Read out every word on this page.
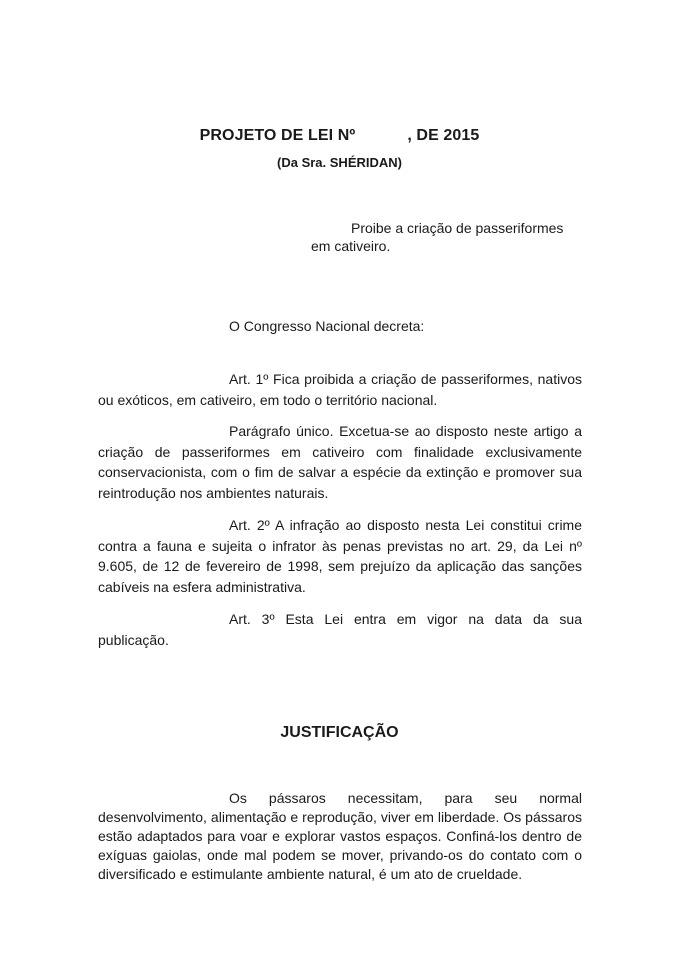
PROJETO DE LEI Nº	, DE 2015
(Da Sra. SHÉRIDAN)
Proibe a criação de passeriformes em cativeiro.
O Congresso Nacional decreta:

Art. 1º Fica proibida a criação de passeriformes, nativos ou exóticos, em cativeiro, em todo o território nacional.

Parágrafo único. Excetua-se ao disposto neste artigo a criação de passeriformes em cativeiro com finalidade exclusivamente conservacionista, com o fim de salvar a espécie da extinção e promover sua reintrodução nos ambientes naturais.

Art. 2º A infração ao disposto nesta Lei constitui crime contra a fauna e sujeita o infrator às penas previstas no art. 29, da Lei nº 9.605, de 12 de fevereiro de 1998, sem prejuízo da aplicação das sanções cabíveis na esfera administrativa.

Art. 3º Esta Lei entra em vigor na data da sua publicação.

JUSTIFICAÇÃO

Os pássaros necessitam, para seu normal desenvolvimento, alimentação e reprodução, viver em liberdade. Os pássaros estão adaptados para voar e explorar vastos espaços. Confiná-los dentro de exíguas gaiolas, onde mal podem se mover, privando-os do contato com o diversificado e estimulante ambiente natural, é um ato de crueldade.
